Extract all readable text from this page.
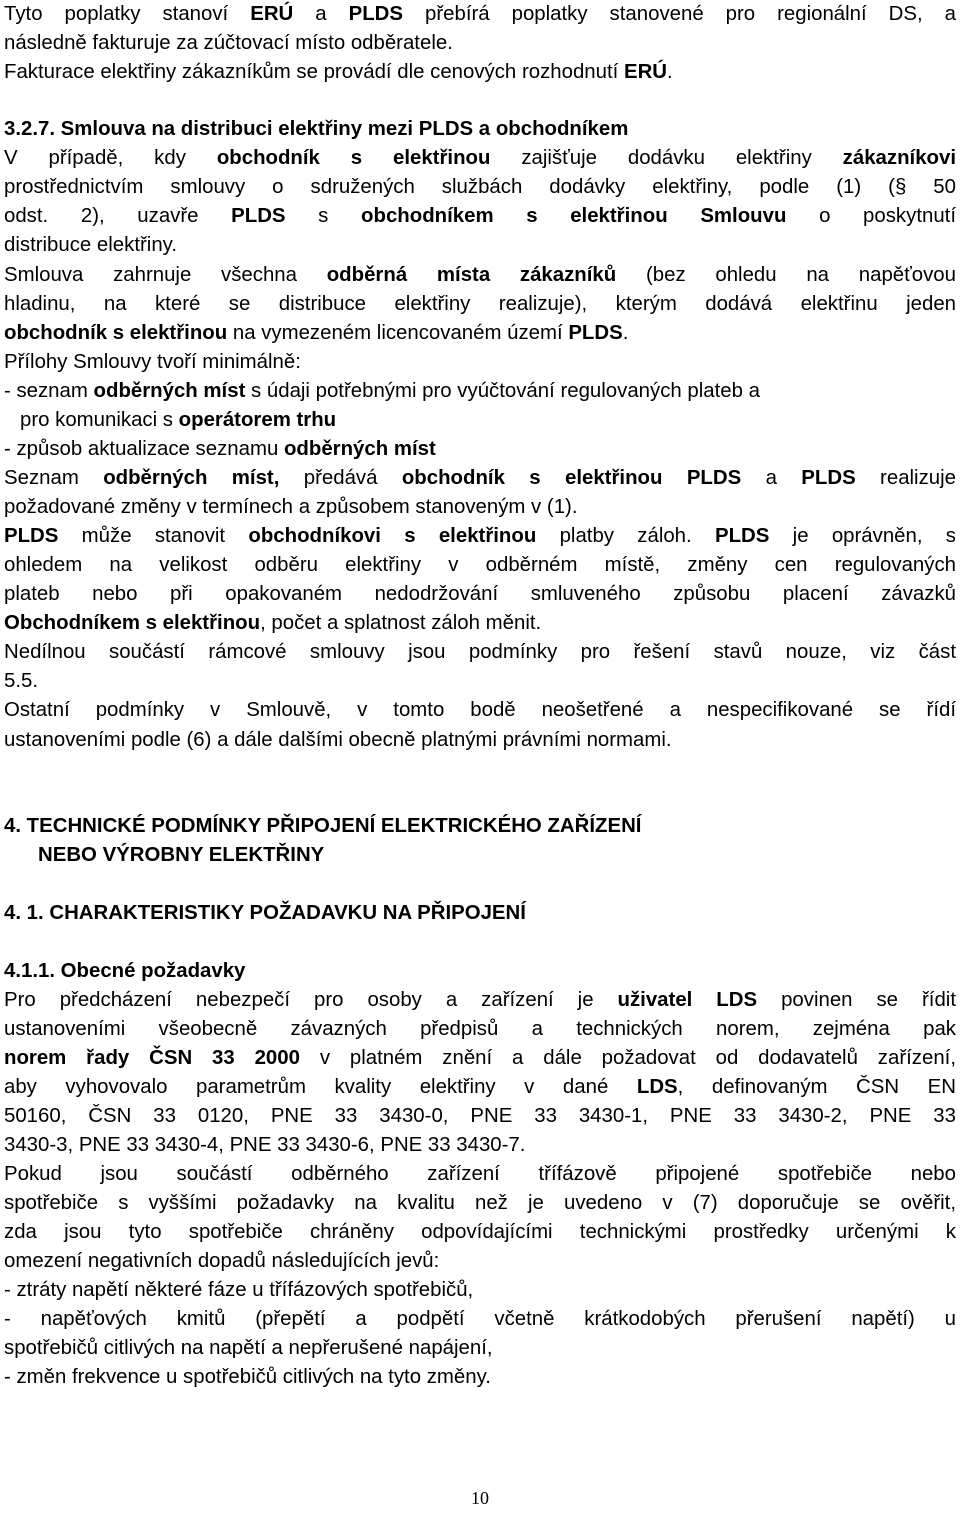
Tyto poplatky stanoví ERÚ a PLDS přebírá poplatky stanovené pro regionální DS, a
následně fakturuje za zúčtovací místo odběratele.
Fakturace elektřiny zákazníkům se provádí dle cenových rozhodnutí ERÚ.
3.2.7. Smlouva na distribuci elektřiny mezi PLDS a obchodníkem
V případě, kdy obchodník s elektřinou zajišťuje dodávku elektřiny zákazníkovi
prostřednictvím smlouvy o sdružených službách dodávky elektřiny, podle (1) (§ 50
odst. 2), uzavře PLDS s obchodníkem s elektřinou Smlouvu o poskytnutí
distribuce elektřiny.
Smlouva zahrnuje všechna odběrná místa zákazníků (bez ohledu na napěťovou
hladinu, na které se distribuce elektřiny realizuje), kterým dodává elektřinu jeden
obchodník s elektřinou na vymezeném licencovaném území PLDS.
Přílohy Smlouvy tvoří minimálně:
- seznam odběrných míst s údaji potřebnými pro vyúčtování regulovaných plateb a
pro komunikaci s operátorem trhu
- způsob aktualizace seznamu odběrných míst
Seznam odběrných míst, předává obchodník s elektřinou PLDS a PLDS realizuje
požadované změny v termínech a způsobem stanoveným v (1).
PLDS může stanovit obchodníkovi s elektřinou platby záloh. PLDS je oprávněn, s
ohledem na velikost odběru elektřiny v odběrném místě, změny cen regulovaných
plateb nebo při opakovaném nedodržování smluveného způsobu placení závazků
Obchodníkem s elektřinou, počet a splatnost záloh měnit.
Nedílnou součástí rámcové smlouvy jsou podmínky pro řešení stavů nouze, viz část
5.5.
Ostatní podmínky v Smlouvě, v tomto bodě neošetřené a nespecifikované se řídí
ustanoveními podle (6) a dále dalšími obecně platnými právními normami.
4. TECHNICKÉ PODMÍNKY PŘIPOJENÍ ELEKTRICKÉHO ZAŘÍZENÍ
NEBO VÝROBNY ELEKTŘINY
4. 1. CHARAKTERISTIKY POŽADAVKU NA PŘIPOJENÍ
4.1.1. Obecné požadavky
Pro předcházení nebezpečí pro osoby a zařízení je uživatel LDS povinen se řídit
ustanoveními všeobecně závazných předpisů a technických norem, zejména pak
norem řady ČSN 33 2000 v platném znění a dále požadovat od dodavatelů zařízení,
aby vyhovovalo parametrům kvality elektřiny v dané LDS, definovaným ČSN EN
50160, ČSN 33 0120, PNE 33 3430-0, PNE 33 3430-1, PNE 33 3430-2, PNE 33
3430-3, PNE 33 3430-4, PNE 33 3430-6, PNE 33 3430-7.
Pokud jsou součástí odběrného zařízení třífázově připojené spotřebiče nebo
spotřebiče s vyššími požadavky na kvalitu než je uvedeno v (7) doporučuje se ověřit,
zda jsou tyto spotřebiče chráněny odpovídajícími technickými prostředky určenými k
omezení negativních dopadů následujících jevů:
- ztráty napětí některé fáze u třífázových spotřebičů,
- napěťových kmitů (přepětí a podpětí včetně krátkodobých přerušení napětí) u
spotřebičů citlivých na napětí a nepřerušené napájení,
- změn frekvence u spotřebičů citlivých na tyto změny.
10
